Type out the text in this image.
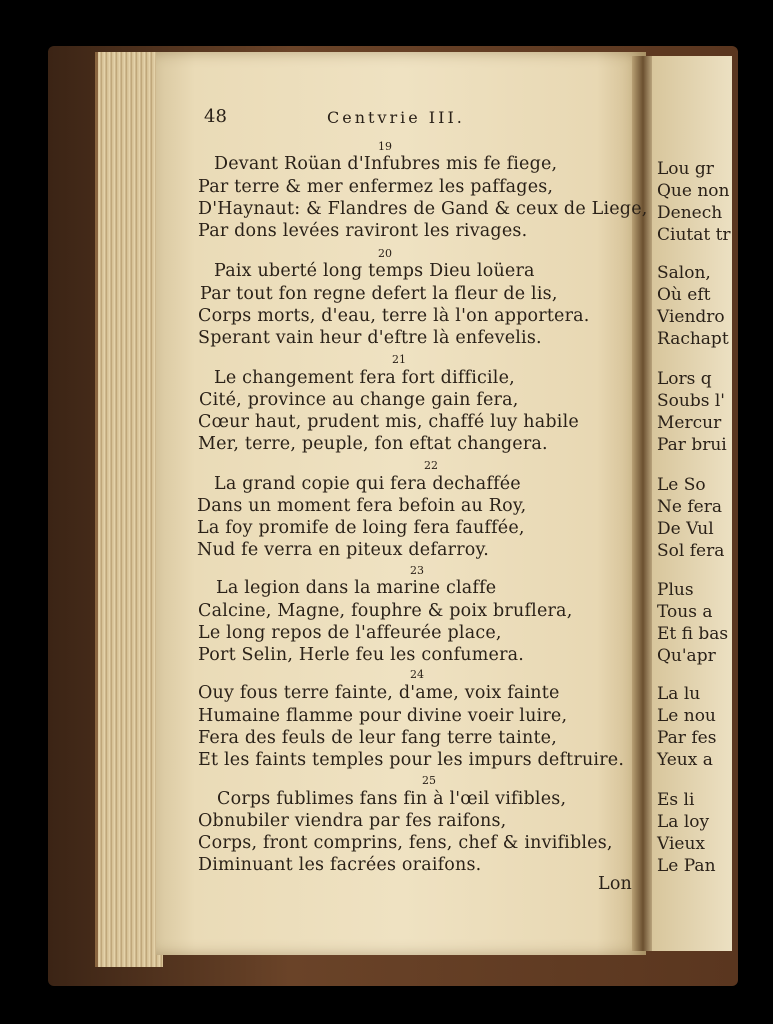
48	Centvrie III.
19
Devant Roüan d'Infubres mis fe fiege,
Par terre & mer enfermez les paffages,
D'Haynaut: & Flandres de Gand & ceux de Liege,
Par dons levées raviront les rivages.
20
Paix uberté long temps Dieu loüera
Par tout fon regne defert la fleur de lis,
Corps morts, d'eau, terre là l'on apportera.
Sperant vain heur d'eftre là enfevelis.
21
Le changement fera fort difficile,
Cité, province au change gain fera,
Cœur haut, prudent mis, chaffé luy habile
Mer, terre, peuple, fon eftat changera.
22
La grand copie qui fera dechaffée
Dans un moment fera befoin au Roy,
La foy promife de loing fera fauffée,
Nud fe verra en piteux defarroy.
23
La legion dans la marine claffe
Calcine, Magne, fouphre & poix bruflera,
Le long repos de l'affeurée place,
Port Selin, Herle feu les confumera.
24
Ouy fous terre fainte, d'ame, voix fainte
Humaine flamme pour divine voeir luire,
Fera des feuls de leur fang terre tainte,
Et les faints temples pour les impurs deftruire.
25
Corps fublimes fans fin à l'œil vifibles,
Obnubiler viendra par fes raifons,
Corps, front comprins, fens, chef & invifibles,
Diminuant les facrées oraifons.
Lon
Lou gr
Que non
Denech
Ciutat tr
Salon,
Où eft
Viendro
Rachapt
Lors q
Soubs l'
Mercur
Par brui
Le So
Ne fera
De Vul
Sol fera
Plus
Tous a
Et fi bas
Qu'apr
La lu
Le nou
Par fes
Yeux a
Es li
La loy
Vieux
Le Pan
